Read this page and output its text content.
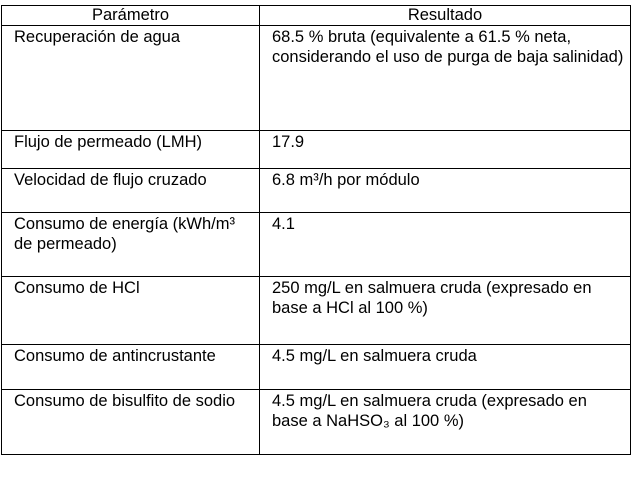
Parámetro	Resultado
Recuperación de agua	68.5 % bruta (equivalente a 61.5 % neta, considerando el uso de purga de baja salinidad)
Flujo de permeado (LMH)	17.9
Velocidad de flujo cruzado	6.8 m³/h por módulo
Consumo de energía (kWh/m³ de permeado)	4.1
Consumo de HCl	250 mg/L en salmuera cruda (expresado en base a HCl al 100 %)
Consumo de antincrustante	4.5 mg/L en salmuera cruda
Consumo de bisulfito de sodio	4.5 mg/L en salmuera cruda (expresado en base a NaHSO₃ al 100 %)
